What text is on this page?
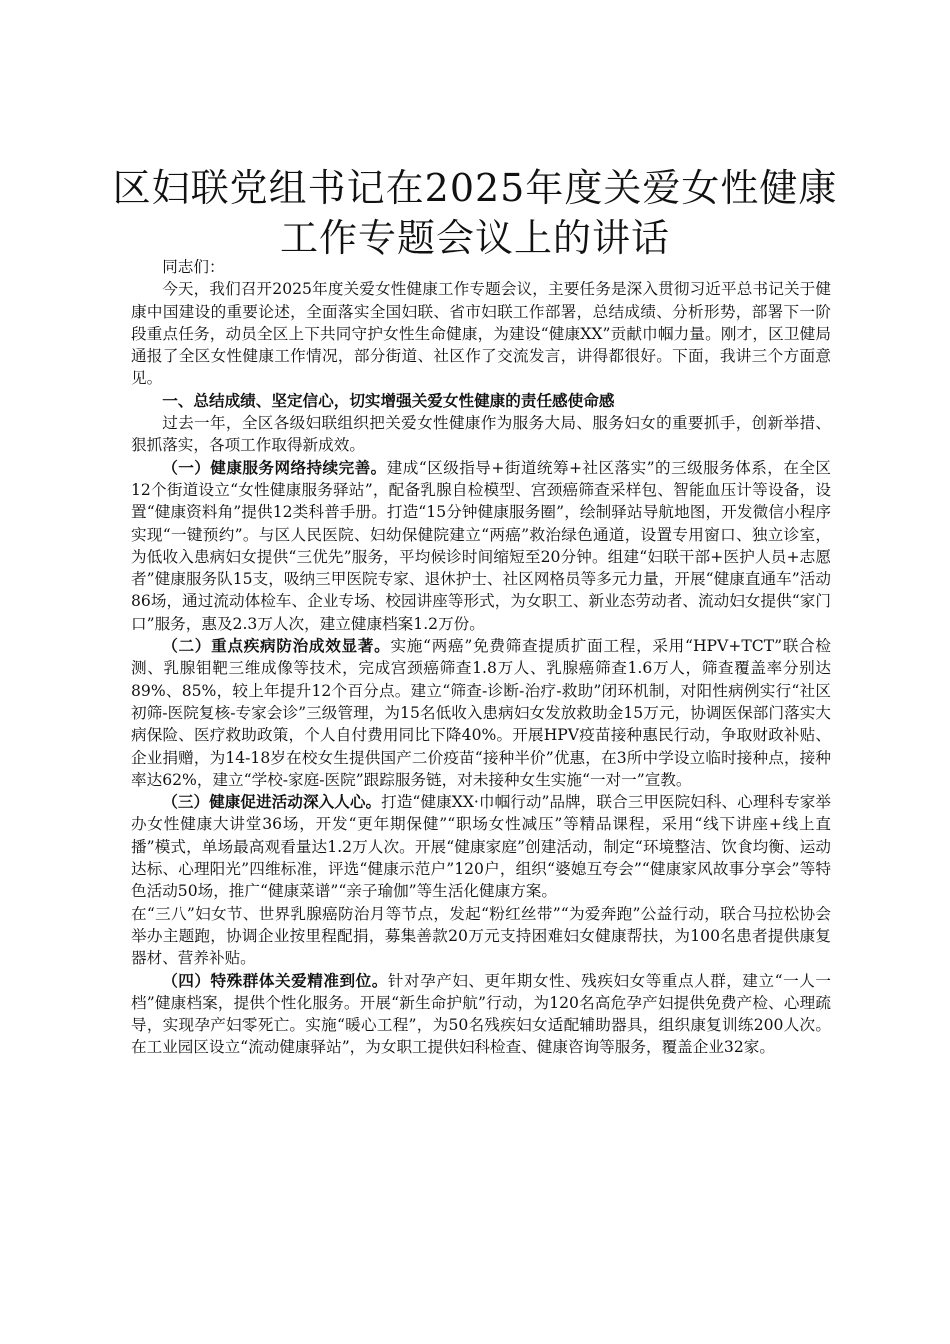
区妇联党组书记在2025年度关爱女性健康工作专题会议上的讲话

同志们：

今天，我们召开2025年度关爱女性健康工作专题会议，主要任务是深入贯彻习近平总书记关于健康中国建设的重要论述，全面落实全国妇联、省市妇联工作部署，总结成绩、分析形势，部署下一阶段重点任务，动员全区上下共同守护女性生命健康，为建设“健康XX”贡献巾帼力量。刚才，区卫健局通报了全区女性健康工作情况，部分街道、社区作了交流发言，讲得都很好。下面，我讲三个方面意见。

一、总结成绩、坚定信心，切实增强关爱女性健康的责任感使命感

过去一年，全区各级妇联组织把关爱女性健康作为服务大局、服务妇女的重要抓手，创新举措、狠抓落实，各项工作取得新成效。

（一）健康服务网络持续完善。建成“区级指导+街道统筹+社区落实”的三级服务体系，在全区12个街道设立“女性健康服务驿站”，配备乳腺自检模型、宫颈癌筛查采样包、智能血压计等设备，设置“健康资料角”提供12类科普手册。打造“15分钟健康服务圈”，绘制驿站导航地图，开发微信小程序实现“一键预约”。与区人民医院、妇幼保健院建立“两癌”救治绿色通道，设置专用窗口、独立诊室，为低收入患病妇女提供“三优先”服务，平均候诊时间缩短至20分钟。组建“妇联干部+医护人员+志愿者”健康服务队15支，吸纳三甲医院专家、退休护士、社区网格员等多元力量，开展“健康直通车”活动86场，通过流动体检车、企业专场、校园讲座等形式，为女职工、新业态劳动者、流动妇女提供“家门口”服务，惠及2.3万人次，建立健康档案1.2万份。

（二）重点疾病防治成效显著。实施“两癌”免费筛查提质扩面工程，采用“HPV+TCT”联合检测、乳腺钼靶三维成像等技术，完成宫颈癌筛查1.8万人、乳腺癌筛查1.6万人，筛查覆盖率分别达89%、85%，较上年提升12个百分点。建立“筛查-诊断-治疗-救助”闭环机制，对阳性病例实行“社区初筛-医院复核-专家会诊”三级管理，为15名低收入患病妇女发放救助金15万元，协调医保部门落实大病保险、医疗救助政策，个人自付费用同比下降40%。开展HPV疫苗接种惠民行动，争取财政补贴、企业捐赠，为14-18岁在校女生提供国产二价疫苗“接种半价”优惠，在3所中学设立临时接种点，接种率达62%，建立“学校-家庭-医院”跟踪服务链，对未接种女生实施“一对一”宣教。

（三）健康促进活动深入人心。打造“健康XX·巾帼行动”品牌，联合三甲医院妇科、心理科专家举办女性健康大讲堂36场，开发“更年期保健”“职场女性减压”等精品课程，采用“线下讲座+线上直播”模式，单场最高观看量达1.2万人次。开展“健康家庭”创建活动，制定“环境整洁、饮食均衡、运动达标、心理阳光”四维标准，评选“健康示范户”120户，组织“婆媳互夸会”“健康家风故事分享会”等特色活动50场，推广“健康菜谱”“亲子瑜伽”等生活化健康方案。

在“三八”妇女节、世界乳腺癌防治月等节点，发起“粉红丝带”“为爱奔跑”公益行动，联合马拉松协会举办主题跑，协调企业按里程配捐，募集善款20万元支持困难妇女健康帮扶，为100名患者提供康复器材、营养补贴。

（四）特殊群体关爱精准到位。针对孕产妇、更年期女性、残疾妇女等重点人群，建立“一人一档”健康档案，提供个性化服务。开展“新生命护航”行动，为120名高危孕产妇提供免费产检、心理疏导，实现孕产妇零死亡。实施“暖心工程”，为50名残疾妇女适配辅助器具，组织康复训练200人次。在工业园区设立“流动健康驿站”，为女职工提供妇科检查、健康咨询等服务，覆盖企业32家。
